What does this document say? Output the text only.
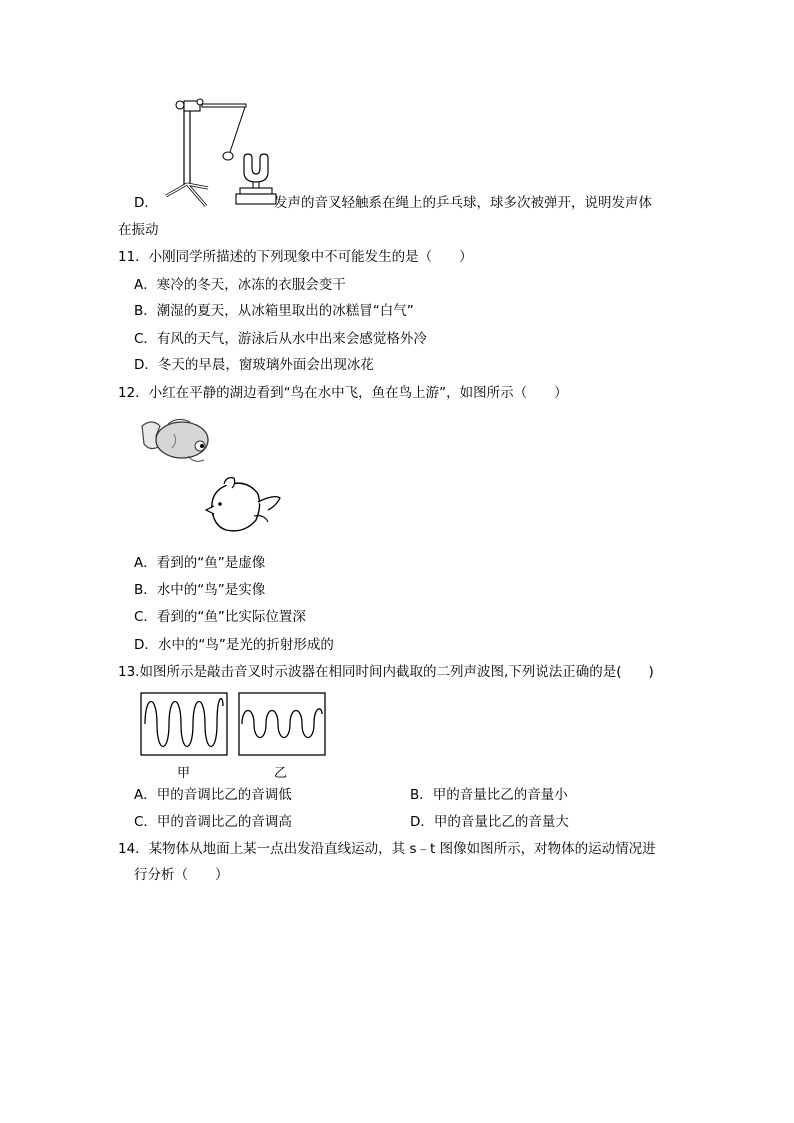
D．	发声的音叉轻触系在绳上的乒乓球，球多次被弹开，说明发声体
在振动
11．小刚同学所描述的下列现象中不可能发生的是（　　）
A．寒冷的冬天，冰冻的衣服会变干
B．潮湿的夏天，从冰箱里取出的冰糕冒“白气”
C．有风的天气，游泳后从水中出来会感觉格外冷
D．冬天的早晨，窗玻璃外面会出现冰花
12．小红在平静的湖边看到“鸟在水中飞，鱼在鸟上游”，如图所示（　　）
A．看到的“鱼”是虚像
B．水中的“鸟”是实像
C．看到的“鱼”比实际位置深
D．水中的“鸟”是光的折射形成的
13.如图所示是敲击音叉时示波器在相同时间内截取的二列声波图,下列说法正确的是(　　)
甲	乙
A．甲的音调比乙的音调低	B．甲的音量比乙的音量小
C．甲的音调比乙的音调高	D．甲的音量比乙的音量大
14．某物体从地面上某一点出发沿直线运动，其 s﹣t 图像如图所示，对物体的运动情况进
行分析（　　）
